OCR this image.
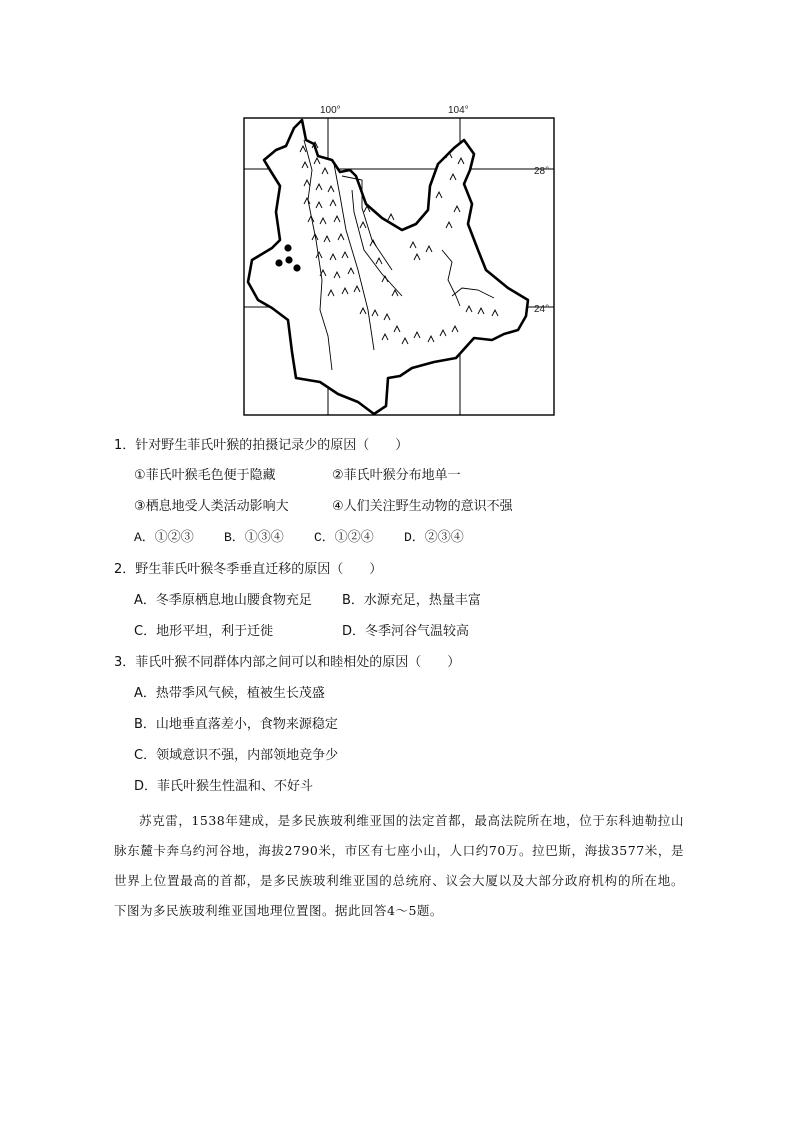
100°	104°
28°
24°
1．针对野生菲氏叶猴的拍摄记录少的原因（　　）
①菲氏叶猴毛色便于隐藏	②菲氏叶猴分布地单一
③栖息地受人类活动影响大	④人们关注野生动物的意识不强
A．①②③ B．①③④ C．①②④ D．②③④
2．野生菲氏叶猴冬季垂直迁移的原因（　　）
A．冬季原栖息地山腰食物充足 B．水源充足，热量丰富
C．地形平坦，利于迁徙	D．冬季河谷气温较高
3．菲氏叶猴不同群体内部之间可以和睦相处的原因（　　）
A．热带季风气候，植被生长茂盛
B．山地垂直落差小，食物来源稳定
C．领域意识不强，内部领地竞争少
D．菲氏叶猴生性温和、不好斗

苏克雷，1538年建成，是多民族玻利维亚国的法定首都，最高法院所在地，位于东科迪勒拉山脉东麓卡奔乌约河谷地，海拔2790米，市区有七座小山，人口约70万。拉巴斯，海拔3577米，是世界上位置最高的首都，是多民族玻利维亚国的总统府、议会大厦以及大部分政府机构的所在地。下图为多民族玻利维亚国地理位置图。据此回答4～5题。
